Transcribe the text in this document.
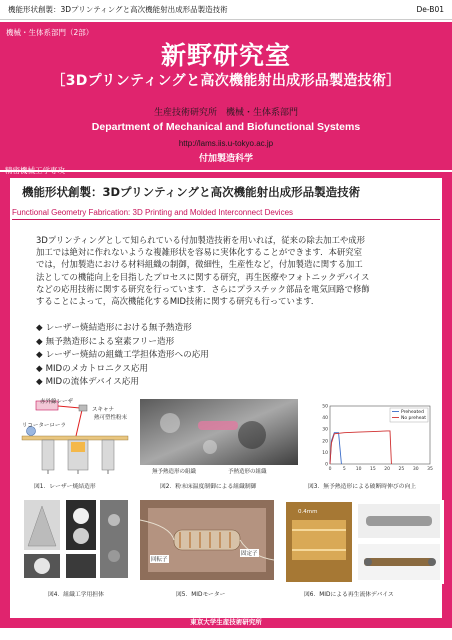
機能形状創製：3Dプリンティングと高次機能射出成形品製造技術	De-B01
機械・生体系部門（2部）
新野研究室
［3Dプリンティングと高次機能射出成形品製造技術］
生産技術研究所　機械・生体系部門
Department of Mechanical and Biofunctional Systems
http://lams.iis.u-tokyo.ac.jp
付加製造科学
精密機械工学専攻
機能形状創製：3Dプリンティングと高次機能射出成形品製造技術
Functional Geometry Fabrication: 3D Printing and Molded Interconnect Devices
3Dプリンティングとして知られている付加製造技術を用いれば，従来の除去加工や成形
加工では絶対に作れないような複雑形状を容易に実体化することができます．本研究室
では，付加製造における材料組織の制御，微細性，生産性など，付加製造に関する加工
法としての機能向上を目指したプロセスに関する研究，再生医療やフォトニックデバイス
などの応用技術に関する研究を行っています．さらにプラスチック部品を電気回路で修飾
することによって，高次機能化するMID技術に関する研究も行っています．
◆ レーザー焼結造形における無予熱造形
◆ 無予熱造形による窒素フリー造形
◆ レーザー焼結の組織工学担体造形への応用
◆ MIDのメカトロニクス応用
◆ MIDの流体デバイス応用
赤外線レーザ
スキャナ
熱可塑性粉末
リコーターローラ
図1．レーザー焼結造形
無予熱造形の組織	予熱造形の組織
図2．粉末床温度制御による組織制御
0
10
20
30
40
50
0	5 10 15 20 25 30 35
Preheated
No preheat
図3．無予熱造形による破断時伸びの向上
図4．組織工学用担体
回転子
固定子
図5．MIDモーター
0.4mm
図6．MIDによる再生流体デバイス
東京大学生産技術研究所
